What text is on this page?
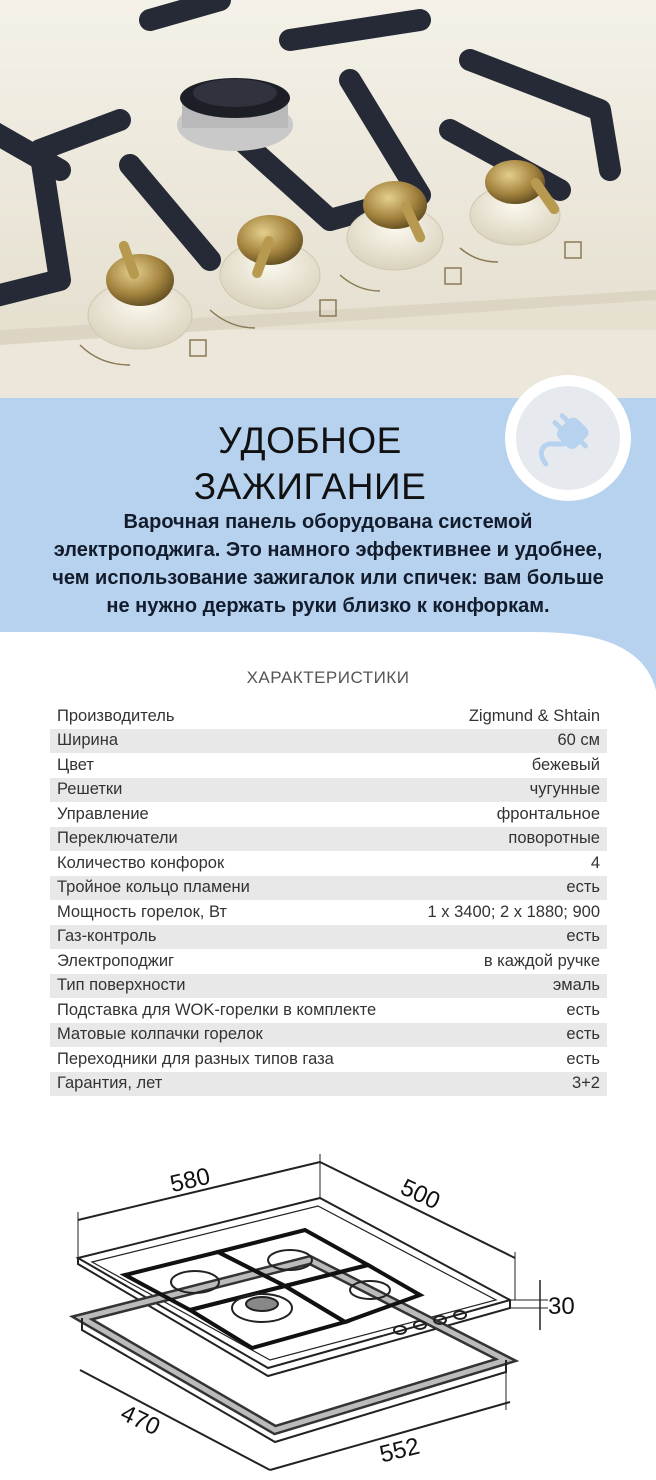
УДОБНОЕ
ЗАЖИГАНИЕ
Варочная панель оборудована системой
электроподжига. Это намного эффективнее и удобнее,
чем использование зажигалок или спичек: вам больше
не нужно держать руки близко к конфоркам.
ХАРАКТЕРИСТИКИ
Производитель	Zigmund & Shtain
Ширина	60 см
Цвет	бежевый
Решетки	чугунные
Управление	фронтальное
Переключатели	поворотные
Количество конфорок	4
Тройное кольцо пламени	есть
Мощность горелок, Вт	1 х 3400; 2 х 1880; 900
Газ-контроль	есть
Электроподжиг	в каждой ручке
Тип поверхности	эмаль
Подставка для WOK-горелки в комплекте	есть
Матовые колпачки горелок	есть
Переходники для разных типов газа	есть
Гарантия, лет	3+2
580	500
30
470
552
